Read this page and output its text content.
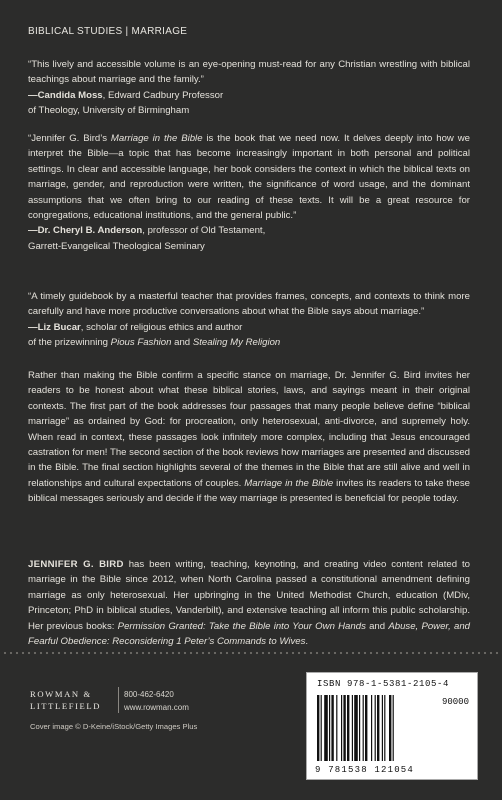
BIBLICAL STUDIES | MARRIAGE

“This lively and accessible volume is an eye-opening must-read for any Christian wrestling with biblical teachings about marriage and the family.”

—Candida Moss, Edward Cadbury Professor
of Theology, University of Birmingham

“Jennifer G. Bird’s Marriage in the Bible is the book that we need now. It delves deeply into how we interpret the Bible—a topic that has become increasingly important in both personal and political settings. In clear and accessible language, her book considers the context in which the biblical texts on marriage, gender, and reproduction were written, the significance of word usage, and the dominant assumptions that we often bring to our reading of these texts. It will be a great resource for congregations, educational institutions, and the general public.”

—Dr. Cheryl B. Anderson, professor of Old Testament,
Garrett-Evangelical Theological Seminary

“A timely guidebook by a masterful teacher that provides frames, concepts, and contexts to think more carefully and have more productive conversations about what the Bible says about marriage.”

—Liz Bucar, scholar of religious ethics and author
of the prizewinning Pious Fashion and Stealing My Religion

Rather than making the Bible confirm a specific stance on marriage, Dr. Jennifer G. Bird invites her readers to be honest about what these biblical stories, laws, and sayings meant in their original contexts. The first part of the book addresses four passages that many people believe define “biblical marriage” as ordained by God: for procreation, only heterosexual, anti-divorce, and supremely holy. When read in context, these passages look infinitely more complex, including that Jesus encouraged castration for men! The second section of the book reviews how marriages are presented and discussed in the Bible. The final section highlights several of the themes in the Bible that are still alive and well in relationships and cultural expectations of couples. Marriage in the Bible invites its readers to take these biblical messages seriously and decide if the way marriage is presented is beneficial for people today.

JENNIFER G. BIRD has been writing, teaching, keynoting, and creating video content related to marriage in the Bible since 2012, when North Carolina passed a constitutional amendment defining marriage as only heterosexual. Her upbringing in the United Methodist Church, education (MDiv, Princeton; PhD in biblical studies, Vanderbilt), and extensive teaching all inform this public scholarship. Her previous books: Permission Granted: Take the Bible into Your Own Hands and Abuse, Power, and Fearful Obedience: Reconsidering 1 Peter’s Commands to Wives.

ROWMAN &
LITTLEFIELD
800-462-6420
www.rowman.com
Cover image © D-Keine/iStock/Getty Images Plus
ISBN 978-1-5381-2105-4
90000
9 781538 121054
